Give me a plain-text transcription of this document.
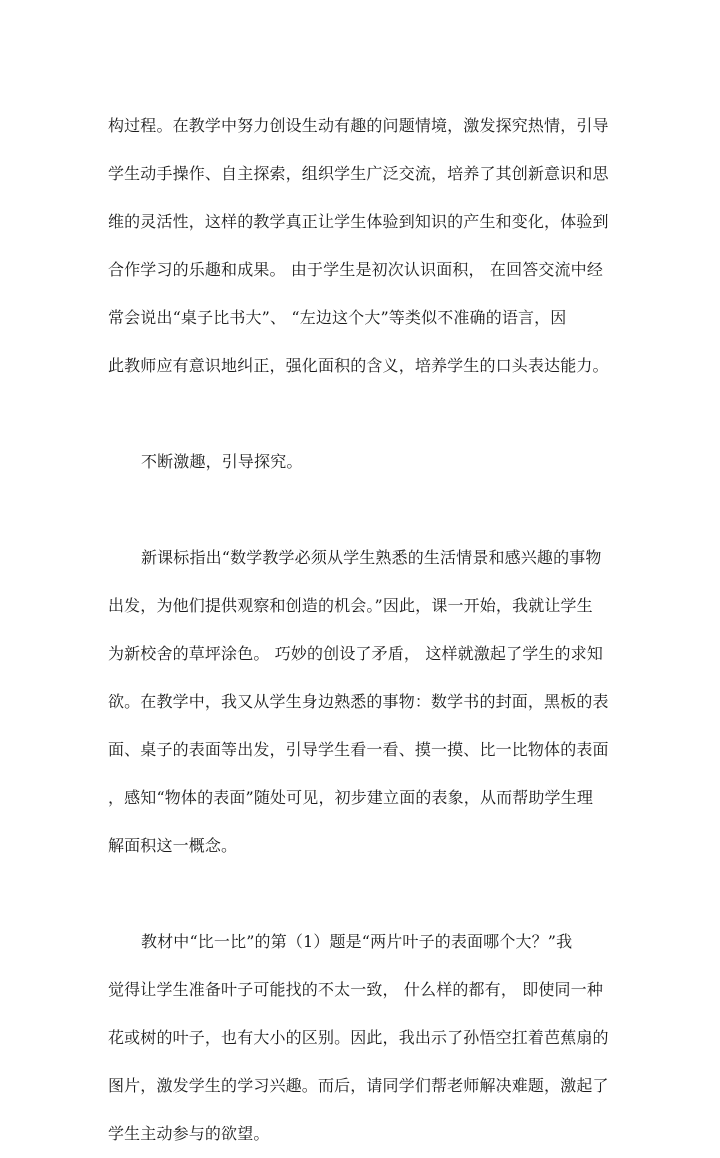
构过程。在教学中努力创设生动有趣的问题情境，激发探究热情，引导
学生动手操作、自主探索，组织学生广泛交流，培养了其创新意识和思
维的灵活性，这样的教学真正让学生体验到知识的产生和变化，体验到
合作学习的乐趣和成果。 由于学生是初次认识面积， 在回答交流中经
常会说出“桌子比书大”、 “左边这个大”等类似不准确的语言，因
此教师应有意识地纠正，强化面积的含义，培养学生的口头表达能力。
不断激趣，引导探究。
新课标指出“数学教学必须从学生熟悉的生活情景和感兴趣的事物
出发，为他们提供观察和创造的机会。”因此，课一开始，我就让学生
为新校舍的草坪涂色。 巧妙的创设了矛盾， 这样就激起了学生的求知
欲。在教学中，我又从学生身边熟悉的事物：数学书的封面，黑板的表
面、桌子的表面等出发，引导学生看一看、摸一摸、比一比物体的表面
，感知“物体的表面”随处可见，初步建立面的表象，从而帮助学生理
解面积这一概念。
教材中“比一比”的第（1）题是“两片叶子的表面哪个大？”我
觉得让学生准备叶子可能找的不太一致， 什么样的都有， 即使同一种
花或树的叶子，也有大小的区别。因此，我出示了孙悟空扛着芭蕉扇的
图片，激发学生的学习兴趣。而后，请同学们帮老师解决难题，激起了
学生主动参与的欲望。
